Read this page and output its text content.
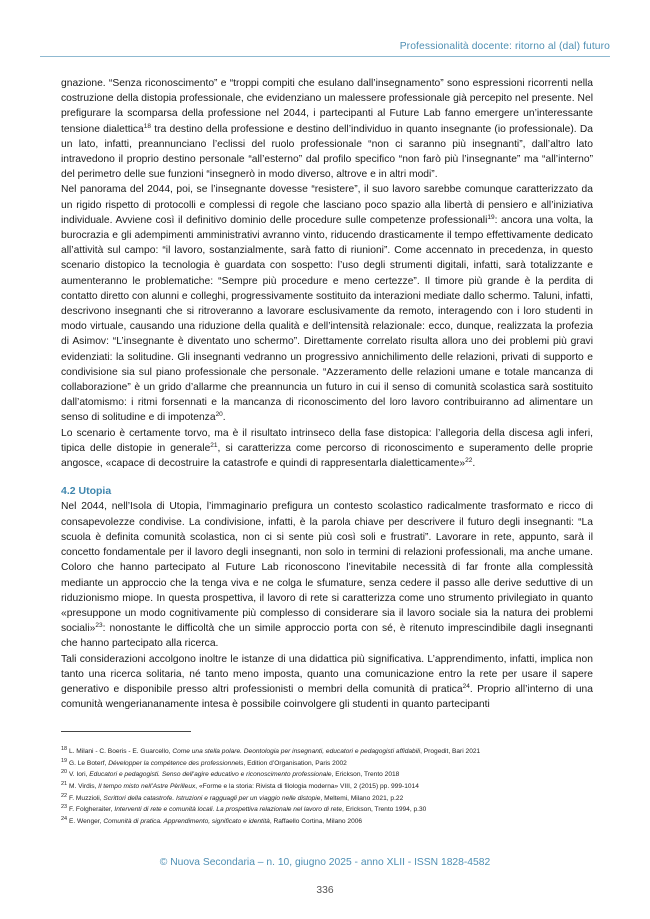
Professionalità docente: ritorno al (dal) futuro

gnazione. “Senza riconoscimento” e “troppi compiti che esulano dall’insegnamento” sono espressioni ricorrenti nella costruzione della distopia professionale, che evidenziano un malessere professionale già percepito nel presente. Nel prefigurare la scomparsa della professione nel 2044, i partecipanti al Future Lab fanno emergere un’interessante tensione dialettica$^{18}$ tra destino della professione e destino dell’individuo in quanto insegnante (io professionale). Da un lato, infatti, preannunciano l’eclissi del ruolo professionale “non ci saranno più insegnanti”, dall’altro lato intravedono il proprio destino personale “all’esterno” dal profilo specifico “non farò più l’insegnante” ma “all’interno” del perimetro delle sue funzioni “insegnerò in modo diverso, altrove e in altri modi”.

Nel panorama del 2044, poi, se l’insegnante dovesse “resistere”, il suo lavoro sarebbe comunque caratterizzato da un rigido rispetto di protocolli e complessi di regole che lasciano poco spazio alla libertà di pensiero e all’iniziativa individuale. Avviene così il definitivo dominio delle procedure sulle competenze professionali$^{19}$: ancora una volta, la burocrazia e gli adempimenti amministrativi avranno vinto, riducendo drasticamente il tempo effettivamente dedicato all’attività sul campo: “il lavoro, sostanzialmente, sarà fatto di riunioni”. Come accennato in precedenza, in questo scenario distopico la tecnologia è guardata con sospetto: l’uso degli strumenti digitali, infatti, sarà totalizzante e aumenteranno le problematiche: “Sempre più procedure e meno certezze”. Il timore più grande è la perdita di contatto diretto con alunni e colleghi, progressivamente sostituito da interazioni mediate dallo schermo. Taluni, infatti, descrivono insegnanti che si ritroveranno a lavorare esclusivamente da remoto, interagendo con i loro studenti in modo virtuale, causando una riduzione della qualità e dell’intensità relazionale: ecco, dunque, realizzata la profezia di Asimov: “L’insegnante è diventato uno schermo”. Direttamente correlato risulta allora uno dei problemi più gravi evidenziati: la solitudine. Gli insegnanti vedranno un progressivo annichilimento delle relazioni, privati di supporto e condivisione sia sul piano professionale che personale. “Azzeramento delle relazioni umane e totale mancanza di collaborazione” è un grido d’allarme che preannuncia un futuro in cui il senso di comunità scolastica sarà sostituito dall’atomismo: i ritmi forsennati e la mancanza di riconoscimento del loro lavoro contribuiranno ad alimentare un senso di solitudine e di impotenza$^{20}$.

Lo scenario è certamente torvo, ma è il risultato intrinseco della fase distopica: l’allegoria della discesa agli inferi, tipica delle distopie in generale$^{21}$, si caratterizza come percorso di riconoscimento e superamento delle proprie angosce, «capace di decostruire la catastrofe e quindi di rappresentarla dialetticamente»$^{22}$.

4.2 Utopia

Nel 2044, nell’Isola di Utopia, l’immaginario prefigura un contesto scolastico radicalmente trasformato e ricco di consapevolezze condivise. La condivisione, infatti, è la parola chiave per descrivere il futuro degli insegnanti: “La scuola è definita comunità scolastica, non ci si sente più così soli e frustrati”. Lavorare in rete, appunto, sarà il concetto fondamentale per il lavoro degli insegnanti, non solo in termini di relazioni professionali, ma anche umane. Coloro che hanno partecipato al Future Lab riconoscono l’inevitabile necessità di far fronte alla complessità mediante un approccio che la tenga viva e ne colga le sfumature, senza cedere il passo alle derive seduttive di un riduzionismo miope. In questa prospettiva, il lavoro di rete si caratterizza come uno strumento privilegiato in quanto «presuppone un modo cognitivamente più complesso di considerare sia il lavoro sociale sia la natura dei problemi sociali»$^{23}$: nonostante le difficoltà che un simile approccio porta con sé, è ritenuto imprescindibile dagli insegnanti che hanno partecipato alla ricerca.

Tali considerazioni accolgono inoltre le istanze di una didattica più significativa. L’apprendimento, infatti, implica non tanto una ricerca solitaria, né tanto meno imposta, quanto una comunicazione entro la rete per usare il sapere generativo e disponibile presso altri professionisti o membri della comunità di pratica$^{24}$. Proprio all’interno di una comunità wengeriananamente intesa è possibile coinvolgere gli studenti in quanto partecipanti

$^{18}$ L. Milani - C. Boeris - E. Guarcello, Come una stella polare. Deontologia per insegnanti, educatori e pedagogisti affidabili, Progedit, Bari 2021
$^{19}$ G. Le Boterf, Développer la compétence des professionnels, Edition d’Organisation, Paris 2002
$^{20}$ V. Iori, Educatori e pedagogisti. Senso dell’agire educativo e riconoscimento professionale, Erickson, Trento 2018
$^{21}$ M. Virdis, Il tempo misto nell’Astre Pèrilleux, «Forme e la storia: Rivista di filologia moderna» VIII, 2 (2015) pp. 999-1014
$^{22}$ F. Muzzioli, Scrittori della catastrofe. Istruzioni e ragguagli per un viaggio nelle distopie, Meltemi, Milano 2021, p.22
$^{23}$ F. Folgheraiter, Interventi di rete e comunità locali. La prospettiva relazionale nel lavoro di rete, Erickson, Trento 1994, p.30
$^{24}$ E. Wenger, Comunità di pratica. Apprendimento, significato e identità, Raffaello Cortina, Milano 2006
© Nuova Secondaria – n. 10, giugno 2025 - anno XLII - ISSN 1828-4582
336
